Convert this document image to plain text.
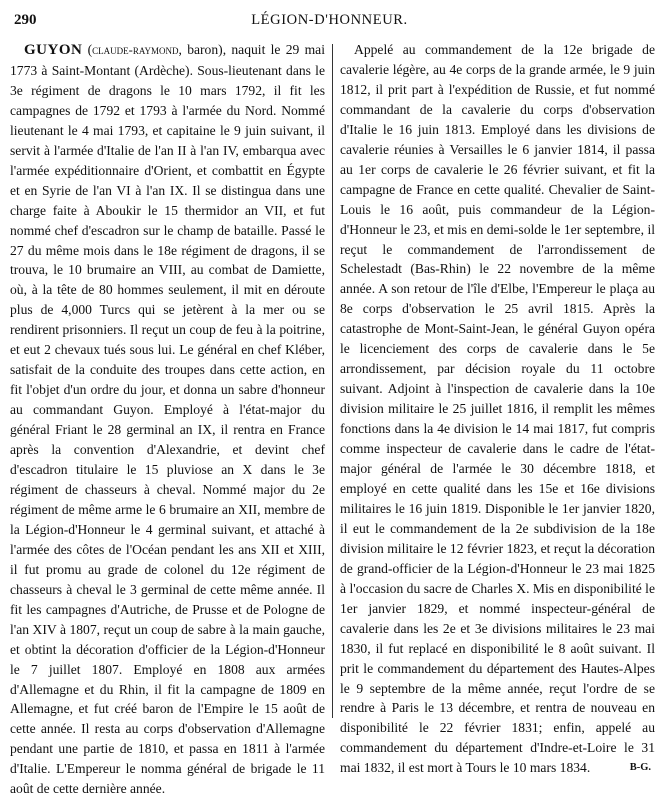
290	LÉGION-D'HONNEUR.

GUYON (claude-raymond, baron), naquit le 29 mai 1773 à Saint-Montant (Ardèche). Sous-lieutenant dans le 3e régiment de dragons le 10 mars 1792, il fit les campagnes de 1792 et 1793 à l'armée du Nord. Nommé lieutenant le 4 mai 1793, et capitaine le 9 juin suivant, il servit à l'armée d'Italie de l'an II à l'an IV, embarqua avec l'armée expéditionnaire d'Orient, et combattit en Égypte et en Syrie de l'an VI à l'an IX. Il se distingua dans une charge faite à Aboukir le 15 thermidor an VII, et fut nommé chef d'escadron sur le champ de bataille. Passé le 27 du même mois dans le 18e régiment de dragons, il se trouva, le 10 brumaire an VIII, au combat de Damiette, où, à la tête de 80 hommes seulement, il mit en déroute plus de 4,000 Turcs qui se jetèrent à la mer ou se rendirent prisonniers. Il reçut un coup de feu à la poitrine, et eut 2 chevaux tués sous lui. Le général en chef Kléber, satisfait de la conduite des troupes dans cette action, en fit l'objet d'un ordre du jour, et donna un sabre d'honneur au commandant Guyon. Employé à l'état-major du général Friant le 28 germinal an IX, il rentra en France après la convention d'Alexandrie, et devint chef d'escadron titulaire le 15 pluviose an X dans le 3e régiment de chasseurs à cheval. Nommé major du 2e régiment de même arme le 6 brumaire an XII, membre de la Légion-d'Honneur le 4 germinal suivant, et attaché à l'armée des côtes de l'Océan pendant les ans XII et XIII, il fut promu au grade de colonel du 12e régiment de chasseurs à cheval le 3 germinal de cette même année. Il fit les campagnes d'Autriche, de Prusse et de Pologne de l'an XIV à 1807, reçut un coup de sabre à la main gauche, et obtint la décoration d'officier de la Légion-d'Honneur le 7 juillet 1807. Employé en 1808 aux armées d'Allemagne et du Rhin, il fit la campagne de 1809 en Allemagne, et fut créé baron de l'Empire le 15 août de cette année. Il resta au corps d'observation d'Allemagne pendant une partie de 1810, et passa en 1811 à l'armée d'Italie. L'Empereur le nomma général de brigade le 11 août de cette dernière année.

Appelé au commandement de la 12e brigade de cavalerie légère, au 4e corps de la grande armée, le 9 juin 1812, il prit part à l'expédition de Russie, et fut nommé commandant de la cavalerie du corps d'observation d'Italie le 16 juin 1813. Employé dans les divisions de cavalerie réunies à Versailles le 6 janvier 1814, il passa au 1er corps de cavalerie le 26 février suivant, et fit la campagne de France en cette qualité. Chevalier de Saint-Louis le 16 août, puis commandeur de la Légion-d'Honneur le 23, et mis en demi-solde le 1er septembre, il reçut le commandement de l'arrondissement de Schelestadt (Bas-Rhin) le 22 novembre de la même année. A son retour de l'île d'Elbe, l'Empereur le plaça au 8e corps d'observation le 25 avril 1815. Après la catastrophe de Mont-Saint-Jean, le général Guyon opéra le licenciement des corps de cavalerie dans le 5e arrondissement, par décision royale du 11 octobre suivant. Adjoint à l'inspection de cavalerie dans la 10e division militaire le 25 juillet 1816, il remplit les mêmes fonctions dans la 4e division le 14 mai 1817, fut compris comme inspecteur de cavalerie dans le cadre de l'état-major général de l'armée le 30 décembre 1818, et employé en cette qualité dans les 15e et 16e divisions militaires le 16 juin 1819. Disponible le 1er janvier 1820, il eut le commandement de la 2e subdivision de la 18e division militaire le 12 février 1823, et reçut la décoration de grand-officier de la Légion-d'Honneur le 23 mai 1825 à l'occasion du sacre de Charles X. Mis en disponibilité le 1er janvier 1829, et nommé inspecteur-général de cavalerie dans les 2e et 3e divisions militaires le 23 mai 1830, il fut replacé en disponibilité le 8 août suivant. Il prit le commandement du département des Hautes-Alpes le 9 septembre de la même année, reçut l'ordre de se rendre à Paris le 13 décembre, et rentra de nouveau en disponibilité le 22 février 1831; enfin, appelé au commandement du département d'Indre-et-Loire le 31 mai 1832, il est mort à Tours le 10 mars 1834.	B-G.
